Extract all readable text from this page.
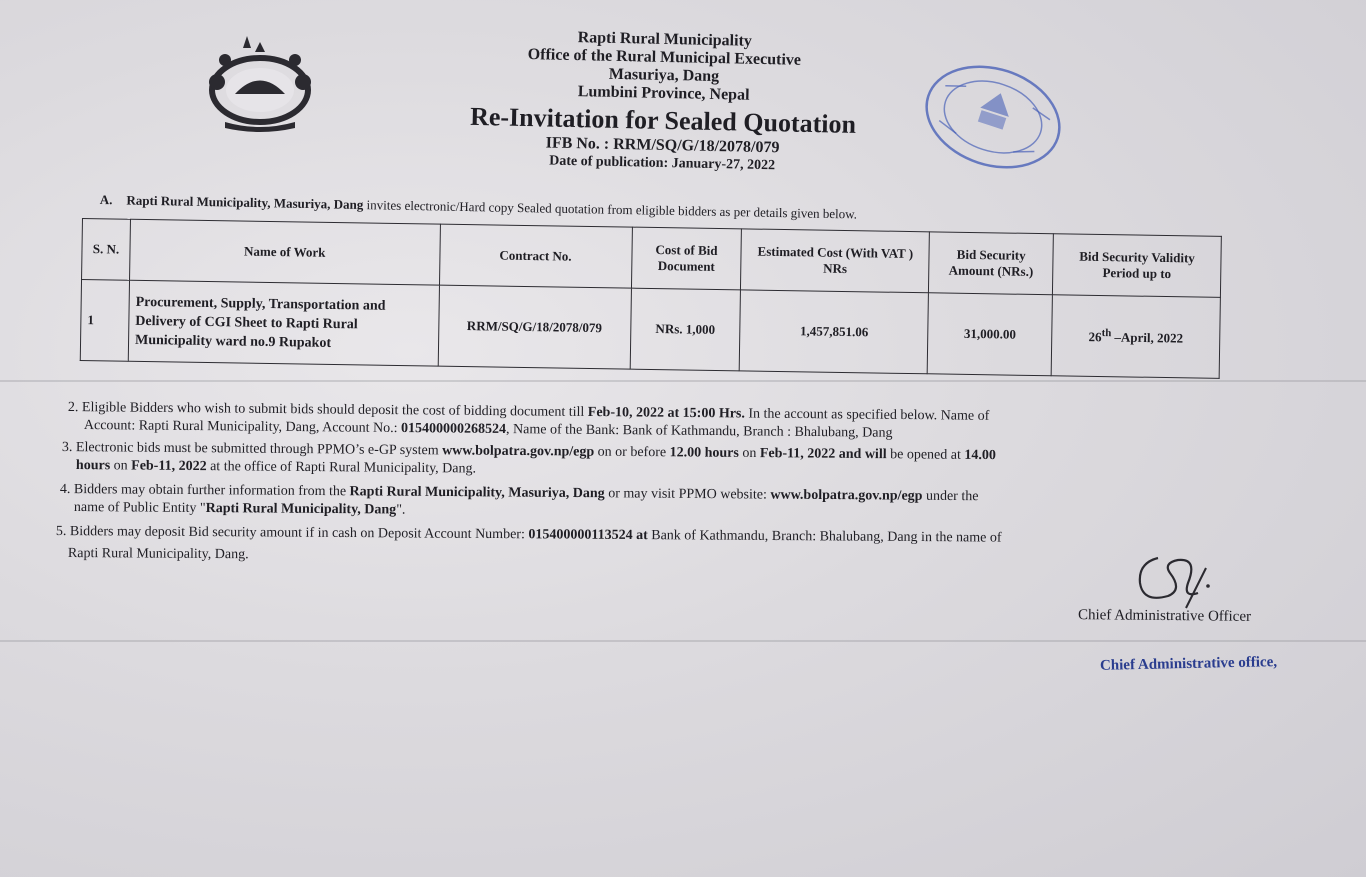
Rapti Rural Municipality
Office of the Rural Municipal Executive
Masuriya, Dang
Lumbini Province, Nepal
Re-Invitation for Sealed Quotation
IFB No. : RRM/SQ/G/18/2078/079
Date of publication: January-27, 2022
A. Rapti Rural Municipality, Masuriya, Dang invites electronic/Hard copy Sealed quotation from eligible bidders as per details given below.
S. N.	Name of Work	Contract No.	Cost of Bid Document	Estimated Cost (With VAT ) NRs	Bid Security Amount (NRs.)	Bid Security Validity Period up to
1	Procurement, Supply, Transportation and Delivery of CGI Sheet to Rapti Rural Municipality ward no.9 Rupakot	RRM/SQ/G/18/2078/079	NRs. 1,000	1,457,851.06	31,000.00	26th –April, 2022
2. Eligible Bidders who wish to submit bids should deposit the cost of bidding document till Feb-10, 2022 at 15:00 Hrs. In the account as specified below. Name of
Account: Rapti Rural Municipality, Dang, Account No.: 015400000268524, Name of the Bank: Bank of Kathmandu, Branch : Bhalubang, Dang
3. Electronic bids must be submitted through PPMO’s e-GP system www.bolpatra.gov.np/egp on or before 12.00 hours on Feb-11, 2022 and will be opened at 14.00
hours on Feb-11, 2022 at the office of Rapti Rural Municipality, Dang.
4. Bidders may obtain further information from the Rapti Rural Municipality, Masuriya, Dang or may visit PPMO website: www.bolpatra.gov.np/egp under the
name of Public Entity "Rapti Rural Municipality, Dang".
5. Bidders may deposit Bid security amount if in cash on Deposit Account Number: 015400000113524 at Bank of Kathmandu, Branch: Bhalubang, Dang in the name of
Rapti Rural Municipality, Dang.
Chief Administrative Officer
Chief Administrative office,
